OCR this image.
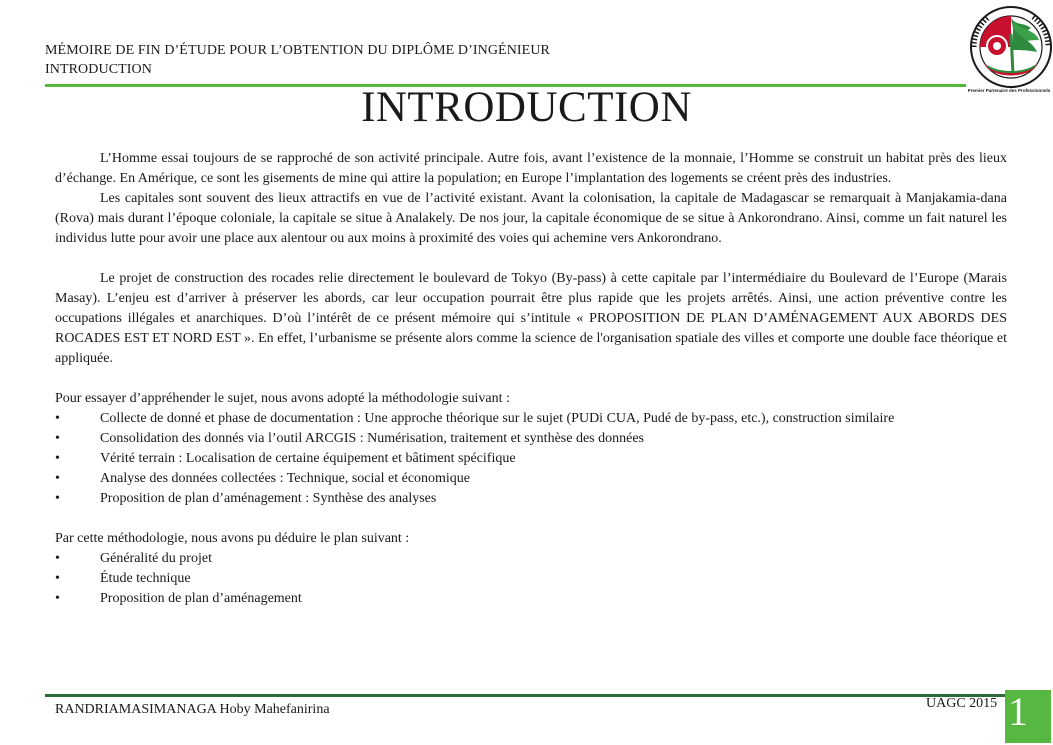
MÉMOIRE DE FIN D’ÉTUDE POUR L’OBTENTION DU DIPLÔME D’INGÉNIEUR
INTRODUCTION
Premier Partenaire des Professionnels
INTRODUCTION

L’Homme essai toujours de se rapproché de son activité principale. Autre fois, avant l’existence de la monnaie, l’Homme se construit un habitat près des lieux d’échange. En Amérique, ce sont les gisements de mine qui attire la population; en Europe l’implantation des logements se créent près des industries.

Les capitales sont souvent des lieux attractifs en vue de l’activité existant. Avant la colonisation, la capitale de Madagascar se remarquait à Manjakamia-dana (Rova) mais durant l’époque coloniale, la capitale se situe à Analakely. De nos jour, la capitale économique de se situe à Ankorondrano. Ainsi, comme un fait naturel les individus lutte pour avoir une place aux alentour ou aux moins à proximité des voies qui achemine vers Ankorondrano.

Le projet de construction des rocades relie directement le boulevard de Tokyo (By-pass) à cette capitale par l’intermédiaire du Boulevard de l’Europe (Marais Masay). L’enjeu est d’arriver à préserver les abords, car leur occupation pourrait être plus rapide que les projets arrêtés. Ainsi, une action préventive contre les occupations illégales et anarchiques. D’où l’intérêt de ce présent mémoire qui s’intitule « PROPOSITION DE PLAN D’AMÉNAGEMENT AUX ABORDS DES ROCADES EST ET NORD EST ». En effet, l’urbanisme se présente alors comme la science de l'organisation spatiale des villes et comporte une double face théorique et appliquée.

Pour essayer d’appréhender le sujet, nous avons adopté la méthodologie suivant :

•	Collecte de donné et phase de documentation : Une approche théorique sur le sujet (PUDi CUA, Pudé de by-pass, etc.), construction similaire
•	Consolidation des donnés via l’outil ARCGIS : Numérisation, traitement et synthèse des données
•	Vérité terrain : Localisation de certaine équipement et bâtiment spécifique
•	Analyse des données collectées : Technique, social et économique
•	Proposition de plan d’aménagement : Synthèse des analyses

Par cette méthodologie, nous avons pu déduire le plan suivant :

•	Généralité du projet
•	Étude technique
•	Proposition de plan d’aménagement
RANDRIAMASIMANAGA Hoby Mahefanirina	UAGC 2015 1
